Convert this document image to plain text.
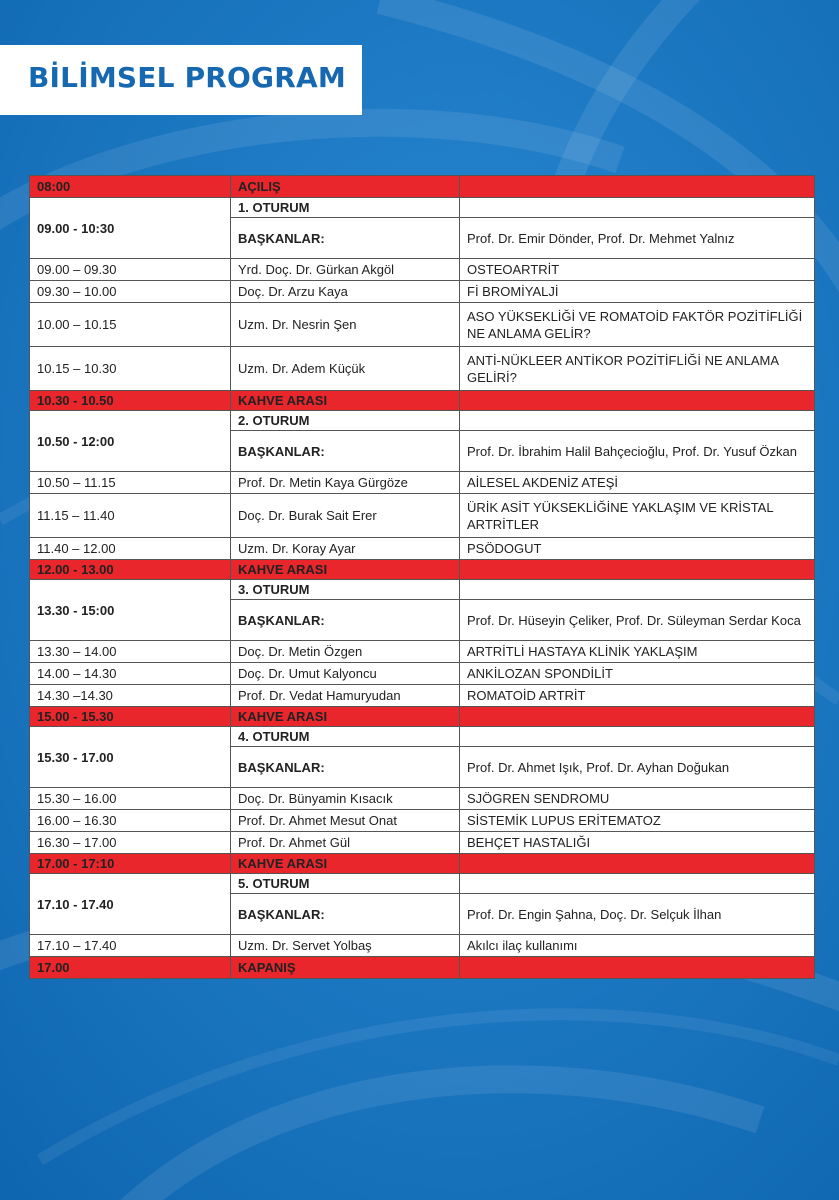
BİLİMSEL PROGRAM
08:00	AÇILIŞ	
09.00 - 10:30	1. OTURUM	
	BAŞKANLAR:	Prof. Dr. Emir Dönder, Prof. Dr. Mehmet Yalnız
09.00 – 09.30	Yrd. Doç. Dr. Gürkan Akgöl	OSTEOARTRİT
09.30 – 10.00	Doç. Dr. Arzu Kaya	Fİ BROMİYALJİ
10.00 – 10.15	Uzm. Dr. Nesrin Şen	ASO YÜKSEKLİĞİ VE ROMATOİD FAKTÖR POZİTİFLİĞİ NE ANLAMA GELİR?
10.15 – 10.30	Uzm. Dr. Adem Küçük	ANTİ-NÜKLEER ANTİKOR POZİTİFLİĞİ NE ANLAMA GELİRİ?
10.30 - 10.50	KAHVE ARASI	
10.50 - 12:00	2. OTURUM	
	BAŞKANLAR:	Prof. Dr. İbrahim Halil Bahçecioğlu, Prof. Dr. Yusuf Özkan
10.50 – 11.15	Prof. Dr. Metin Kaya Gürgöze	AİLESEL AKDENİZ ATEŞİ
11.15 – 11.40	Doç. Dr. Burak Sait Erer	ÜRİK ASİT YÜKSEKLİĞİNE YAKLAŞIM VE KRİSTAL ARTRİTLER
11.40 – 12.00	Uzm. Dr. Koray Ayar	PSÖDOGUT
12.00 - 13.00	KAHVE ARASI	
13.30 - 15:00	3. OTURUM	
	BAŞKANLAR:	Prof. Dr. Hüseyin Çeliker, Prof. Dr. Süleyman Serdar Koca
13.30 – 14.00	Doç. Dr. Metin Özgen	ARTRİTLİ HASTAYA KLİNİK YAKLAŞIM
14.00 – 14.30	Doç. Dr. Umut Kalyoncu	ANKİLOZAN SPONDİLİT
14.30 –14.30	Prof. Dr. Vedat Hamuryudan	ROMATOİD ARTRİT
15.00 - 15.30	KAHVE ARASI	
15.30 - 17.00	4. OTURUM	
	BAŞKANLAR:	Prof. Dr. Ahmet Işık, Prof. Dr. Ayhan Doğukan
15.30 – 16.00	Doç. Dr. Bünyamin Kısacık	SJÖGREN SENDROMU
16.00 – 16.30	Prof. Dr. Ahmet Mesut Onat	SİSTEMİK LUPUS ERİTEMATOZ
16.30 – 17.00	Prof. Dr. Ahmet Gül	BEHÇET HASTALIĞI
17.00 - 17:10	KAHVE ARASI	
17.10 - 17.40	5. OTURUM	
	BAŞKANLAR:	Prof. Dr. Engin Şahna, Doç. Dr. Selçuk İlhan
17.10 – 17.40	Uzm. Dr. Servet Yolbaş	Akılcı ilaç kullanımı
17.00	KAPANIŞ	
